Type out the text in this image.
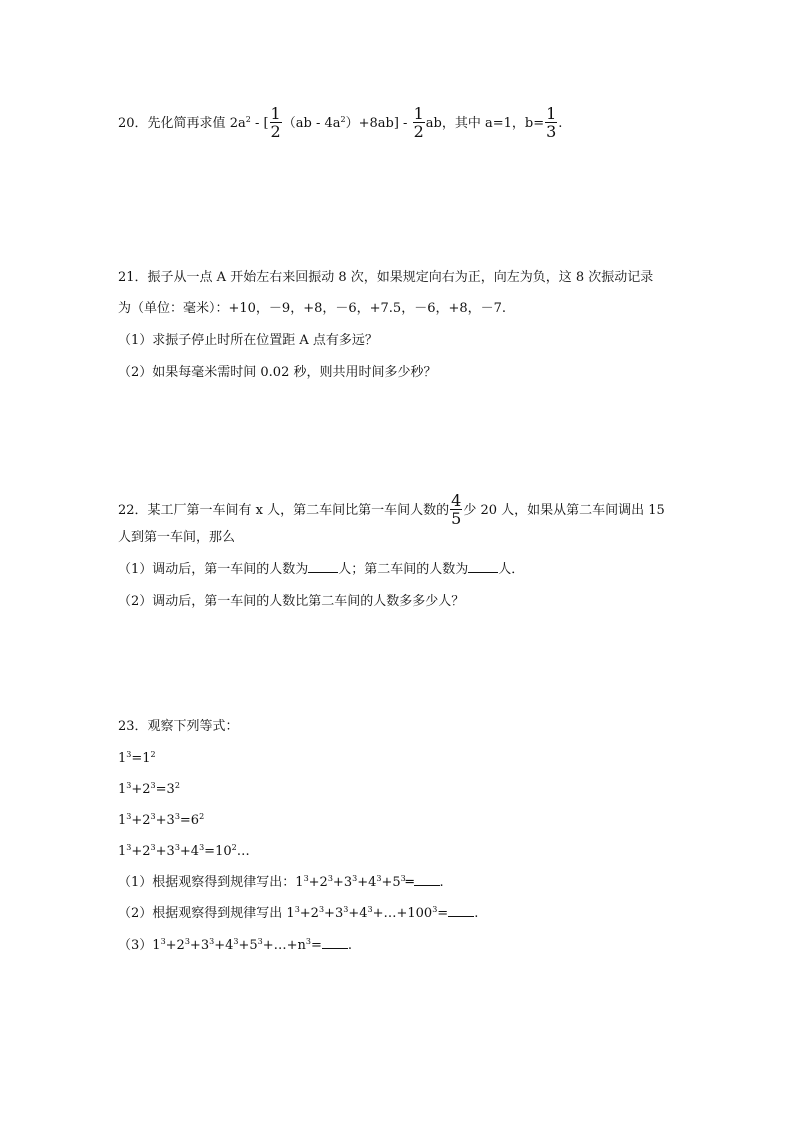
20．先化简再求值 $2a^2$ - [ $\frac{1}{2} (ab - 4a^2)+8ab] - \frac{1}{2}$ ab，其中 a=1，$b= \frac{1}{3}$ .
21．振子从一点 A 开始左右来回振动 8 次，如果规定向右为正，向左为负，这 8 次振动记录
为（单位：毫米）：+10，－9，+8，－6，+7.5，－6，+8，－7.
（1）求振子停止时所在位置距 A 点有多远？
（2）如果每毫米需时间 0.02 秒，则共用时间多少秒？
22．某工厂第一车间有 x 人，第二车间比第一车间人数的 $\frac{4}{5}$ 少 20 人，如果从第二车间调出 15
人到第一车间，那么
（1）调动后，第一车间的人数为 人；第二车间的人数为 人．
（2）调动后，第一车间的人数比第二车间的人数多多少人？
23．观察下列等式：
$1^3=1^2$
$1^3+2^3=3^2$
$1^3+2^3+3^3=6^2$
$1^3+2^3+3^3+4^3=10^2\dots$
（1）根据观察得到规律写出：$1^3+2^3+3^3+4^3+5^3═$ .
（2）根据观察得到规律写出 $1^3+2^3+3^3+4^3+\dots+100^3=$ .
$(3)1^3+2^3+3^3+4^3+5^3+\dots+n^3=$ .
